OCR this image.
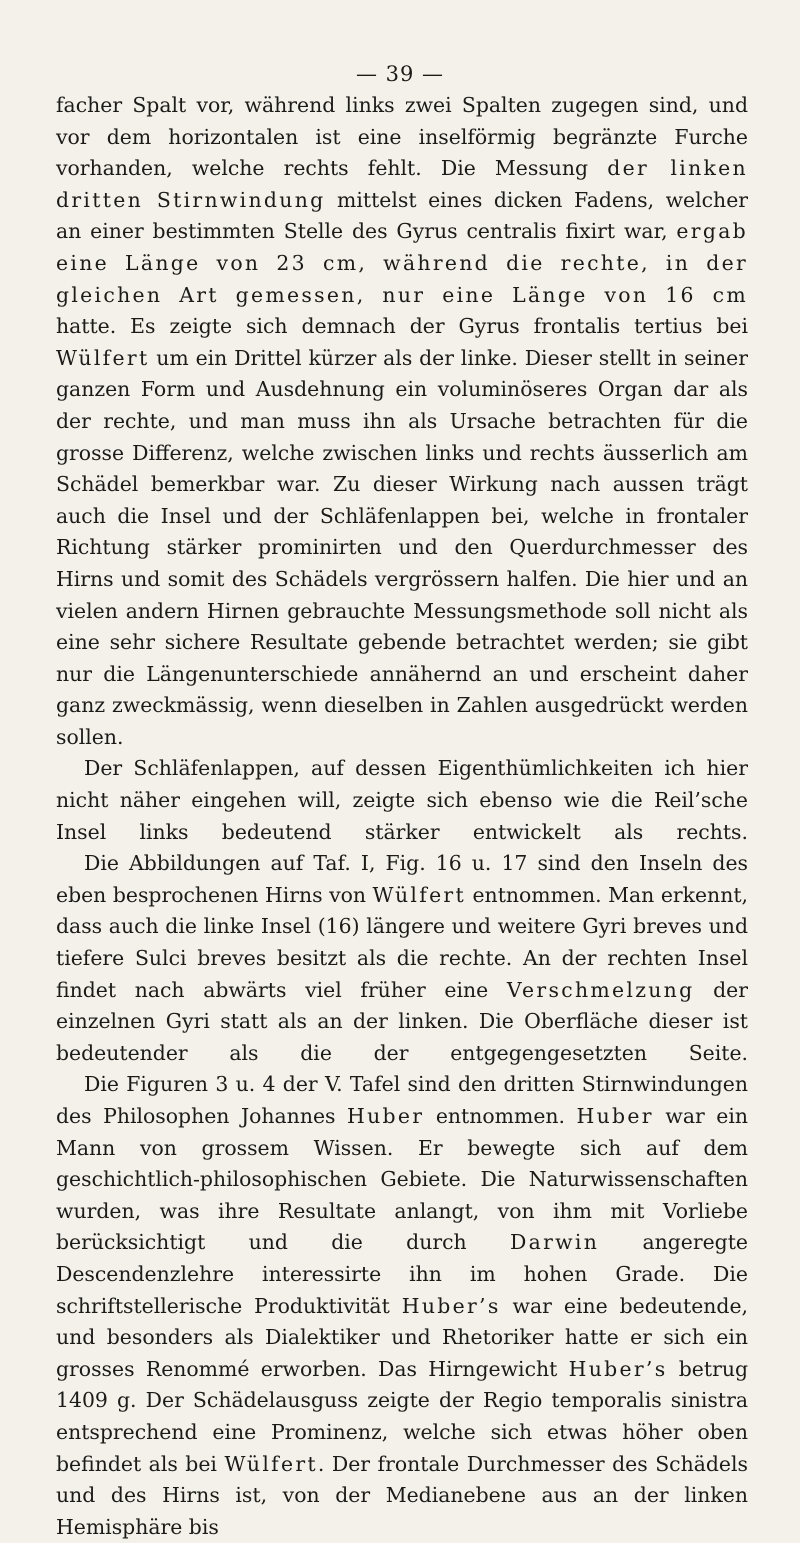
— 39 —

facher Spalt vor, während links zwei Spalten zugegen sind, und vor dem horizontalen ist eine inselförmig begränzte Furche vorhanden, welche rechts fehlt. Die Messung der linken dritten Stirnwindung mittelst eines dicken Fadens, welcher an einer bestimmten Stelle des Gyrus centralis fixirt war, ergab eine Länge von 23 cm, während die rechte, in der gleichen Art gemessen, nur eine Länge von 16 cm hatte. Es zeigte sich demnach der Gyrus frontalis tertius bei Wülfert um ein Drittel kürzer als der linke. Dieser stellt in seiner ganzen Form und Ausdehnung ein voluminöseres Organ dar als der rechte, und man muss ihn als Ursache betrachten für die grosse Differenz, welche zwischen links und rechts äusserlich am Schädel bemerkbar war. Zu dieser Wirkung nach aussen trägt auch die Insel und der Schläfenlappen bei, welche in frontaler Richtung stärker prominirten und den Querdurchmesser des Hirns und somit des Schädels vergrössern halfen. Die hier und an vielen andern Hirnen gebrauchte Messungsmethode soll nicht als eine sehr sichere Resultate gebende betrachtet werden; sie gibt nur die Längenunterschiede annähernd an und erscheint daher ganz zweckmässig, wenn dieselben in Zahlen ausgedrückt werden sollen.

Der Schläfenlappen, auf dessen Eigenthümlichkeiten ich hier nicht näher eingehen will, zeigte sich ebenso wie die Reil’sche Insel links bedeutend stärker entwickelt als rechts.

Die Abbildungen auf Taf. I, Fig. 16 u. 17 sind den Inseln des eben besprochenen Hirns von Wülfert entnommen. Man erkennt, dass auch die linke Insel (16) längere und weitere Gyri breves und tiefere Sulci breves besitzt als die rechte. An der rechten Insel findet nach abwärts viel früher eine Verschmelzung der einzelnen Gyri statt als an der linken. Die Oberfläche dieser ist bedeutender als die der entgegengesetzten Seite.

Die Figuren 3 u. 4 der V. Tafel sind den dritten Stirnwindungen des Philosophen Johannes Huber entnommen. Huber war ein Mann von grossem Wissen. Er bewegte sich auf dem geschichtlich-philosophischen Gebiete. Die Naturwissenschaften wurden, was ihre Resultate anlangt, von ihm mit Vorliebe berücksichtigt und die durch Darwin angeregte Descendenzlehre interessirte ihn im hohen Grade. Die schriftstellerische Produktivität Huber’s war eine bedeutende, und besonders als Dialektiker und Rhetoriker hatte er sich ein grosses Renommé erworben. Das Hirngewicht Huber’s betrug 1409 g. Der Schädelausguss zeigte der Regio temporalis sinistra entsprechend eine Prominenz, welche sich etwas höher oben befindet als bei Wülfert. Der frontale Durchmesser des Schädels und des Hirns ist, von der Medianebene aus an der linken Hemisphäre bis
